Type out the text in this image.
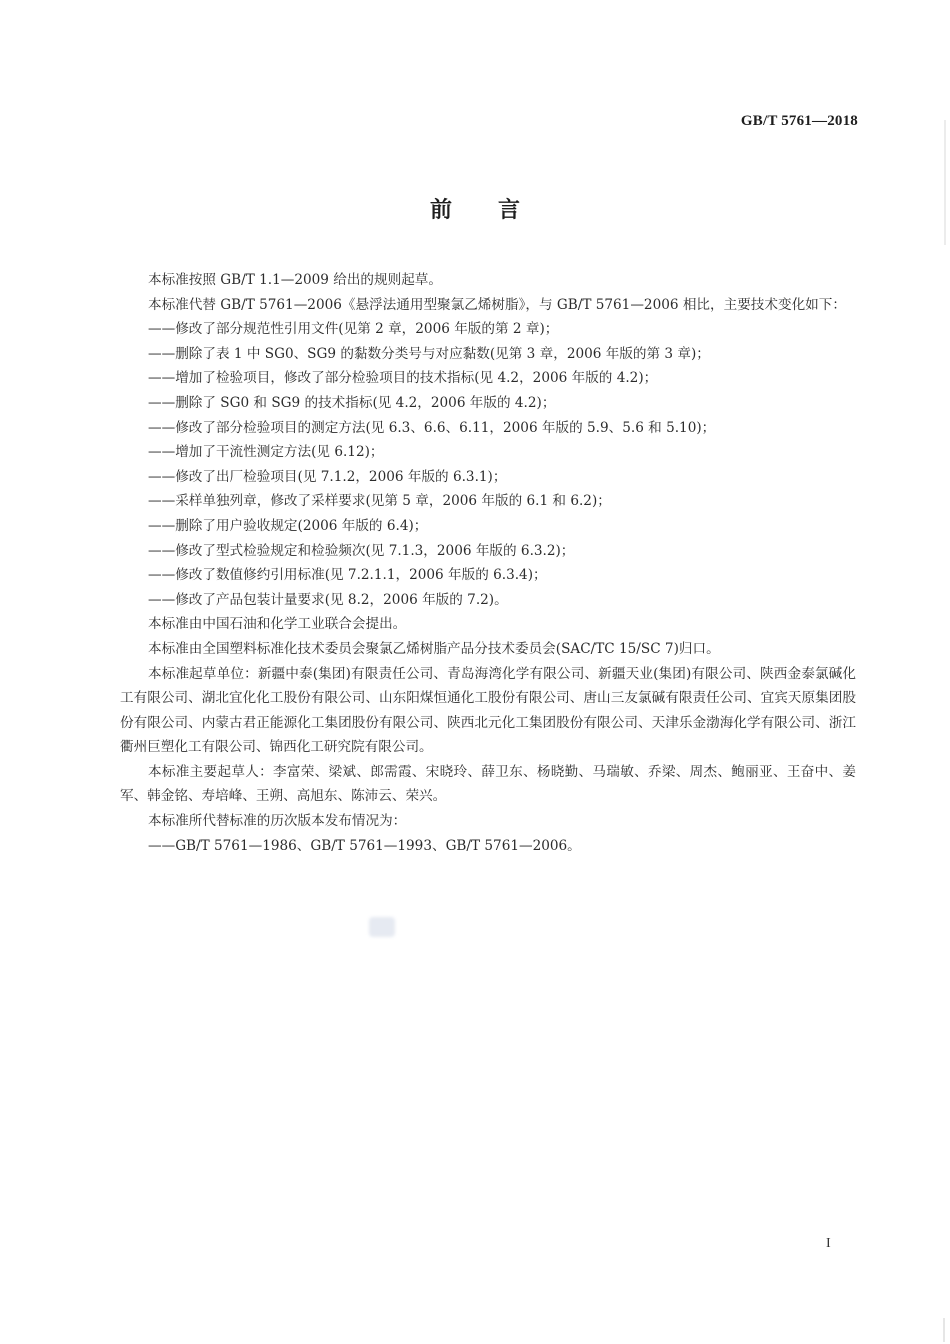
GB/T 5761—2018
前 言

本标准按照 GB/T 1.1—2009 给出的规则起草。

本标准代替 GB/T 5761—2006《悬浮法通用型聚氯乙烯树脂》，与 GB/T 5761—2006 相比，主要技术变化如下：

——修改了部分规范性引用文件(见第 2 章，2006 年版的第 2 章)；

——删除了表 1 中 SG0、SG9 的黏数分类号与对应黏数(见第 3 章，2006 年版的第 3 章)；

——增加了检验项目，修改了部分检验项目的技术指标(见 4.2，2006 年版的 4.2)；

——删除了 SG0 和 SG9 的技术指标(见 4.2，2006 年版的 4.2)；

——修改了部分检验项目的测定方法(见 6.3、6.6、6.11，2006 年版的 5.9、5.6 和 5.10)；

——增加了干流性测定方法(见 6.12)；

——修改了出厂检验项目(见 7.1.2，2006 年版的 6.3.1)；

——采样单独列章，修改了采样要求(见第 5 章，2006 年版的 6.1 和 6.2)；

——删除了用户验收规定(2006 年版的 6.4)；

——修改了型式检验规定和检验频次(见 7.1.3，2006 年版的 6.3.2)；

——修改了数值修约引用标准(见 7.2.1.1，2006 年版的 6.3.4)；

——修改了产品包装计量要求(见 8.2，2006 年版的 7.2)。

本标准由中国石油和化学工业联合会提出。

本标准由全国塑料标准化技术委员会聚氯乙烯树脂产品分技术委员会(SAC/TC 15/SC 7)归口。

本标准起草单位：新疆中泰(集团)有限责任公司、青岛海湾化学有限公司、新疆天业(集团)有限公司、陕西金泰氯碱化工有限公司、湖北宜化化工股份有限公司、山东阳煤恒通化工股份有限公司、唐山三友氯碱有限责任公司、宜宾天原集团股份有限公司、内蒙古君正能源化工集团股份有限公司、陕西北元化工集团股份有限公司、天津乐金渤海化学有限公司、浙江衢州巨塑化工有限公司、锦西化工研究院有限公司。

本标准主要起草人：李富荣、梁斌、郎需霞、宋晓玲、薛卫东、杨晓勤、马瑞敏、乔梁、周杰、鲍丽亚、王奋中、姜军、韩金铭、寿培峰、王朔、高旭东、陈沛云、荣兴。

本标准所代替标准的历次版本发布情况为：

——GB/T 5761—1986、GB/T 5761—1993、GB/T 5761—2006。

I
